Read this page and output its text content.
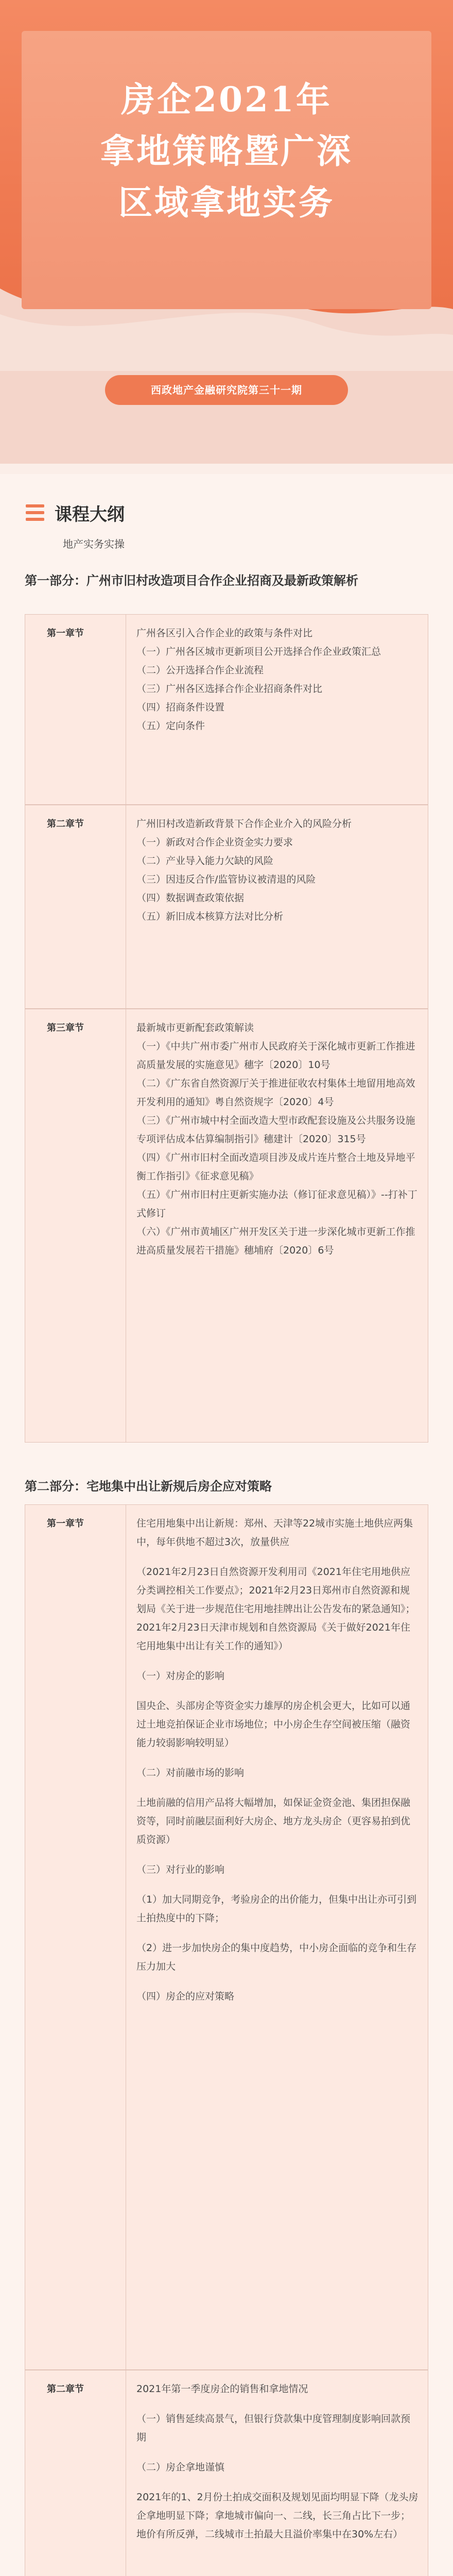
房企2021年
拿地策略暨广深
区域拿地实务
西政地产金融研究院第三十一期
课程大纲
地产实务实操
第一部分：广州市旧村改造项目合作企业招商及最新政策解析
第一章节	广州各区引入合作企业的政策与条件对比

（一）广州各区城市更新项目公开选择合作企业政策汇总

（二）公开选择合作企业流程

（三）广州各区选择合作企业招商条件对比

（四）招商条件设置

（五）定向条件

第二章节	广州旧村改造新政背景下合作企业介入的风险分析

（一）新政对合作企业资金实力要求

（二）产业导入能力欠缺的风险

（三）因违反合作/监管协议被清退的风险

（四）数据调查政策依据

（五）新旧成本核算方法对比分析

第三章节	最新城市更新配套政策解读

（一）《中共广州市委广州市人民政府关于深化城市更新工作推进高质量发展的实施意见》穗字〔2020〕10号

（二）《广东省自然资源厅关于推进征收农村集体土地留用地高效开发利用的通知》粤自然资规字〔2020〕4号

（三）《广州市城中村全面改造大型市政配套设施及公共服务设施专项评估成本估算编制指引》穗建计〔2020〕315号

（四）《广州市旧村全面改造项目涉及成片连片整合土地及异地平衡工作指引》《征求意见稿》

（五）《广州市旧村庄更新实施办法（修订征求意见稿）》--打补丁式修订

（六）《广州市黄埔区广州开发区关于进一步深化城市更新工作推进高质量发展若干措施》穗埔府〔2020〕6号

第二部分：宅地集中出让新规后房企应对策略
第一章节	住宅用地集中出让新规：郑州、天津等22城市实施土地供应两集中，每年供地不超过3次，放量供应

（2021年2月23日自然资源开发利用司《2021年住宅用地供应分类调控相关工作要点》；2021年2月23日郑州市自然资源和规划局《关于进一步规范住宅用地挂牌出让公告发布的紧急通知》；2021年2月23日天津市规划和自然资源局《关于做好2021年住宅用地集中出让有关工作的通知》）

（一）对房企的影响

国央企、头部房企等资金实力雄厚的房企机会更大，比如可以通过土地竞拍保证企业市场地位；中小房企生存空间被压缩（融资能力较弱影响较明显）

（二）对前融市场的影响

土地前融的信用产品将大幅增加，如保证金资金池、集团担保融资等，同时前融层面利好大房企、地方龙头房企（更容易拍到优质资源）

（三）对行业的影响

（1）加大同期竞争，考验房企的出价能力，但集中出让亦可引到土拍热度中的下降；

（2）进一步加快房企的集中度趋势，中小房企面临的竞争和生存压力加大

（四）房企的应对策略

第二章节	2021年第一季度房企的销售和拿地情况

（一）销售延续高景气，但银行贷款集中度管理制度影响回款预期

（二）房企拿地谨慎

2021年的1、2月份土拍成交面积及规划见面均明显下降（龙头房企拿地明显下降；拿地城市偏向一、二线，长三角占比下一步；地价有所反弹，二线城市土拍最大且溢价率集中在30%左右）
